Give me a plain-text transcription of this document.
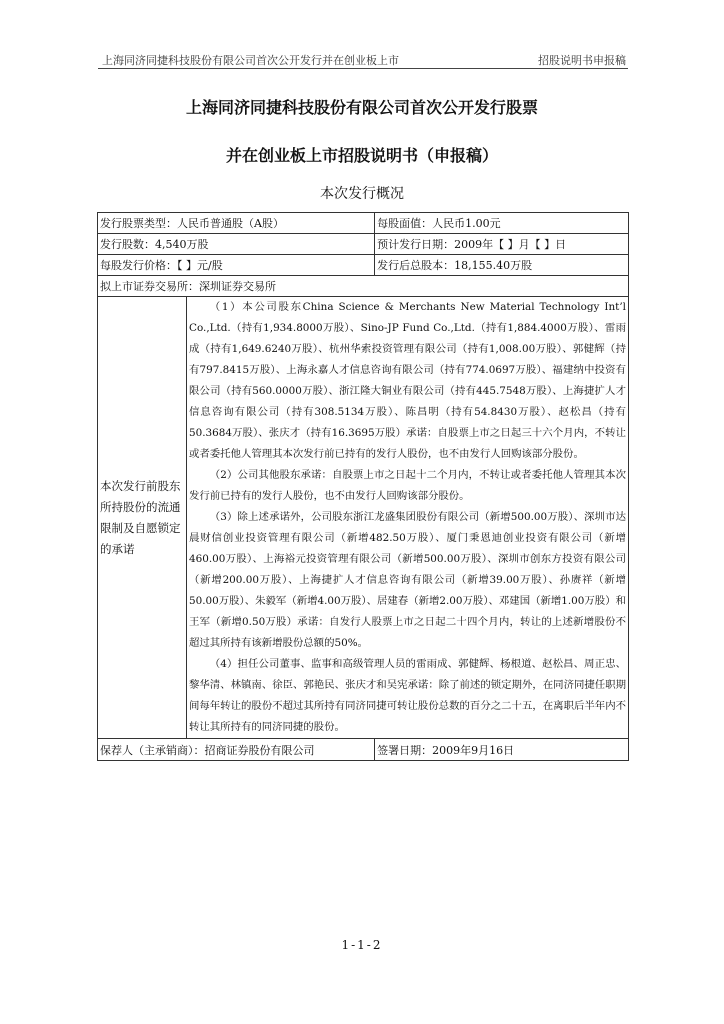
上海同济同捷科技股份有限公司首次公开发行并在创业板上市	招股说明书申报稿
上海同济同捷科技股份有限公司首次公开发行股票
并在创业板上市招股说明书（申报稿）
本次发行概况
发行股票类型：人民币普通股（A股）		每股面值：人民币1.00元
发行股数：4,540万股		预计发行日期：2009年【 】月【 】日
每股发行价格：【 】元/股		发行后总股本：18,155.40万股
拟上市证券交易所：深圳证券交易所		
本次发行前股东所持股份的流通限制及自愿锁定的承诺	（1）本公司股东China Science & Merchants New Material Technology Int’l Co.,Ltd.（持有1,934.8000万股）、Sino-JP Fund Co.,Ltd.（持有1,884.4000万股）、雷雨成（持有1,649.6240万股）、杭州华索投资管理有限公司（持有1,008.00万股）、郭健辉（持有797.8415万股）、上海永嘉人才信息咨询有限公司（持有774.0697万股）、福建纳中投资有限公司（持有560.0000万股）、浙江隆大铜业有限公司（持有445.7548万股）、上海捷扩人才信息咨询有限公司（持有308.5134万股）、陈昌明（持有54.8430万股）、赵松昌（持有50.3684万股）、张庆才（持有16.3695万股）承诺：自股票上市之日起三十六个月内，不转让或者委托他人管理其本次发行前已持有的发行人股份，也不由发行人回购该部分股份。

（2）公司其他股东承诺：自股票上市之日起十二个月内，不转让或者委托他人管理其本次发行前已持有的发行人股份，也不由发行人回购该部分股份。

（3）除上述承诺外，公司股东浙江龙盛集团股份有限公司（新增500.00万股）、深圳市达晨财信创业投资管理有限公司（新增482.50万股）、厦门秉恩迪创业投资有限公司（新增460.00万股）、上海裕元投资管理有限公司（新增500.00万股）、深圳市创东方投资有限公司（新增200.00万股）、上海捷扩人才信息咨询有限公司（新增39.00万股）、孙赓祥（新增50.00万股）、朱毅军（新增4.00万股）、居建春（新增2.00万股）、邓建国（新增1.00万股）和王军（新增0.50万股）承诺：自发行人股票上市之日起二十四个月内，转让的上述新增股份不超过其所持有该新增股份总额的50%。

（4）担任公司董事、监事和高级管理人员的雷雨成、郭健辉、杨根道、赵松昌、周正忠、黎华清、林镇南、徐臣、郭艳民、张庆才和吴宪承诺：除了前述的锁定期外，在同济同捷任职期间每年转让的股份不超过其所持有同济同捷可转让股份总数的百分之二十五，在离职后半年内不转让其所持有的同济同捷的股份。	

保荐人（主承销商）：招商证券股份有限公司		签署日期：2009年9月16日
1-1-2
